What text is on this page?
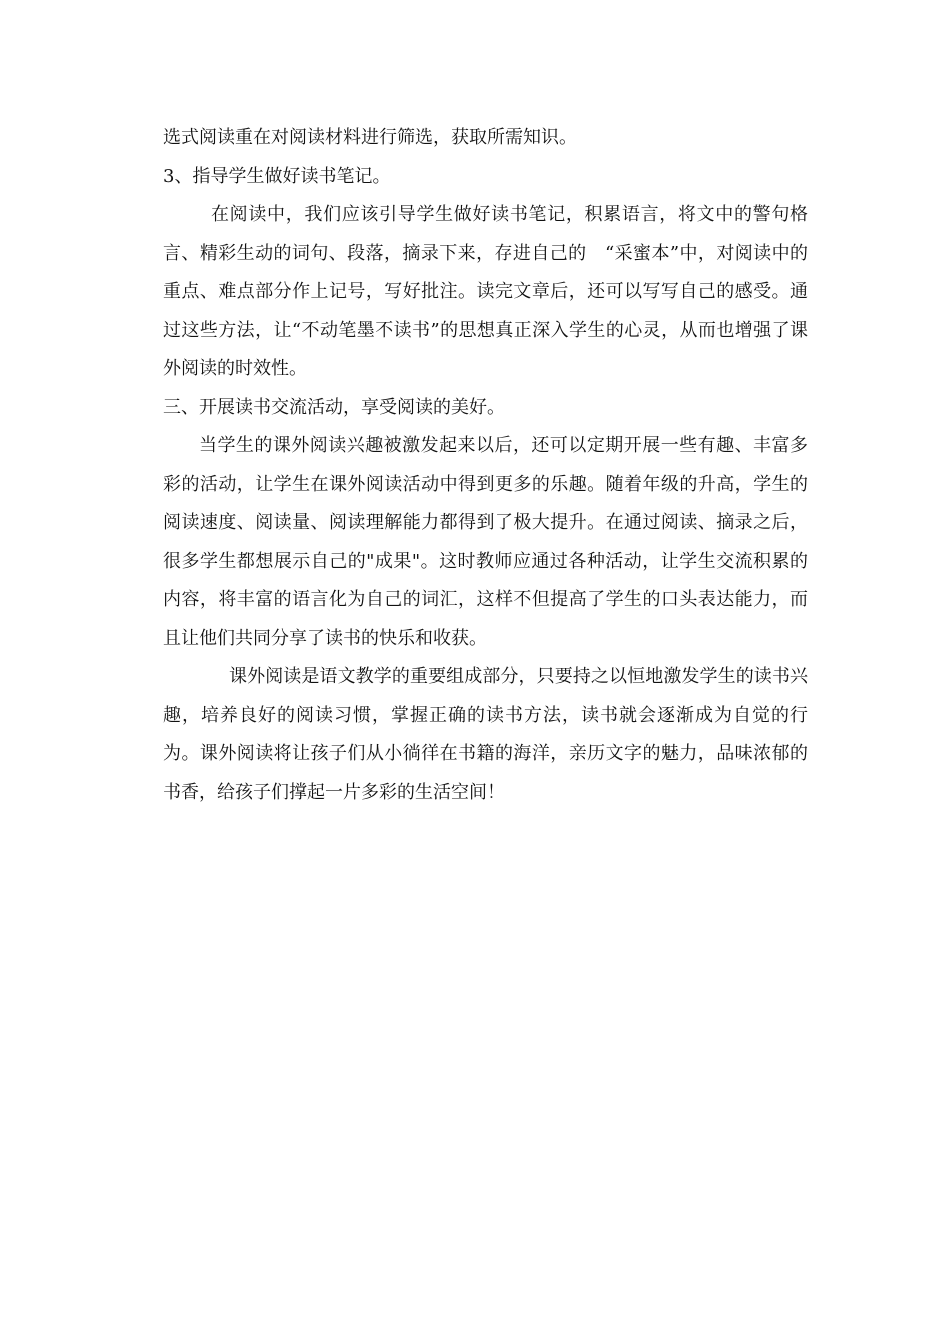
选式阅读重在对阅读材料进行筛选，获取所需知识。

3、指导学生做好读书笔记。

在阅读中，我们应该引导学生做好读书笔记，积累语言，将文中的警句格言、精彩生动的词句、段落，摘录下来，存进自己的　“采蜜本”中，对阅读中的重点、难点部分作上记号，写好批注。读完文章后，还可以写写自己的感受。通过这些方法，让“不动笔墨不读书”的思想真正深入学生的心灵，从而也增强了课外阅读的时效性。

三、开展读书交流活动，享受阅读的美好。

当学生的课外阅读兴趣被激发起来以后，还可以定期开展一些有趣、丰富多彩的活动，让学生在课外阅读活动中得到更多的乐趣。随着年级的升高，学生的阅读速度、阅读量、阅读理解能力都得到了极大提升。在通过阅读、摘录之后，很多学生都想展示自己的"成果"。这时教师应通过各种活动，让学生交流积累的内容，将丰富的语言化为自己的词汇，这样不但提高了学生的口头表达能力，而且让他们共同分享了读书的快乐和收获。

课外阅读是语文教学的重要组成部分，只要持之以恒地激发学生的读书兴趣，培养良好的阅读习惯，掌握正确的读书方法，读书就会逐渐成为自觉的行为。课外阅读将让孩子们从小徜徉在书籍的海洋，亲历文字的魅力，品味浓郁的书香，给孩子们撑起一片多彩的生活空间！
